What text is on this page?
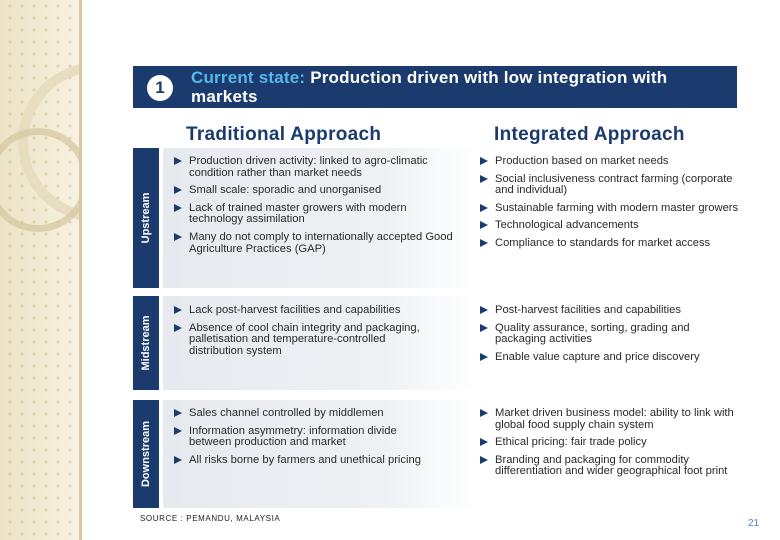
1
Current state: Production driven with low integration with markets
Traditional Approach	Integrated Approach
Upstream
Production driven activity: linked to agro-climatic condition rather than market needs
Small scale: sporadic and unorganised
Lack of trained master growers with modern technology assimilation
Many do not comply to internationally accepted Good Agriculture Practices (GAP)
Production based on market needs
Social inclusiveness contract farming (corporate and individual)
Sustainable farming with modern master growers
Technological advancements
Compliance to standards for market access
Midstream
Lack post-harvest facilities and capabilities
Absence of cool chain integrity and packaging, palletisation and temperature-controlled distribution system
Post-harvest facilities and capabilities
Quality assurance, sorting, grading and packaging activities
Enable value capture and price discovery
Downstream
Sales channel controlled by middlemen
Information asymmetry: information divide between production and market
All risks borne by farmers and unethical pricing
Market driven business model: ability to link with global food supply chain system
Ethical pricing: fair trade policy
Branding and packaging for commodity differentiation and wider geographical foot print
SOURCE : PEMANDU, MALAYSIA	21
